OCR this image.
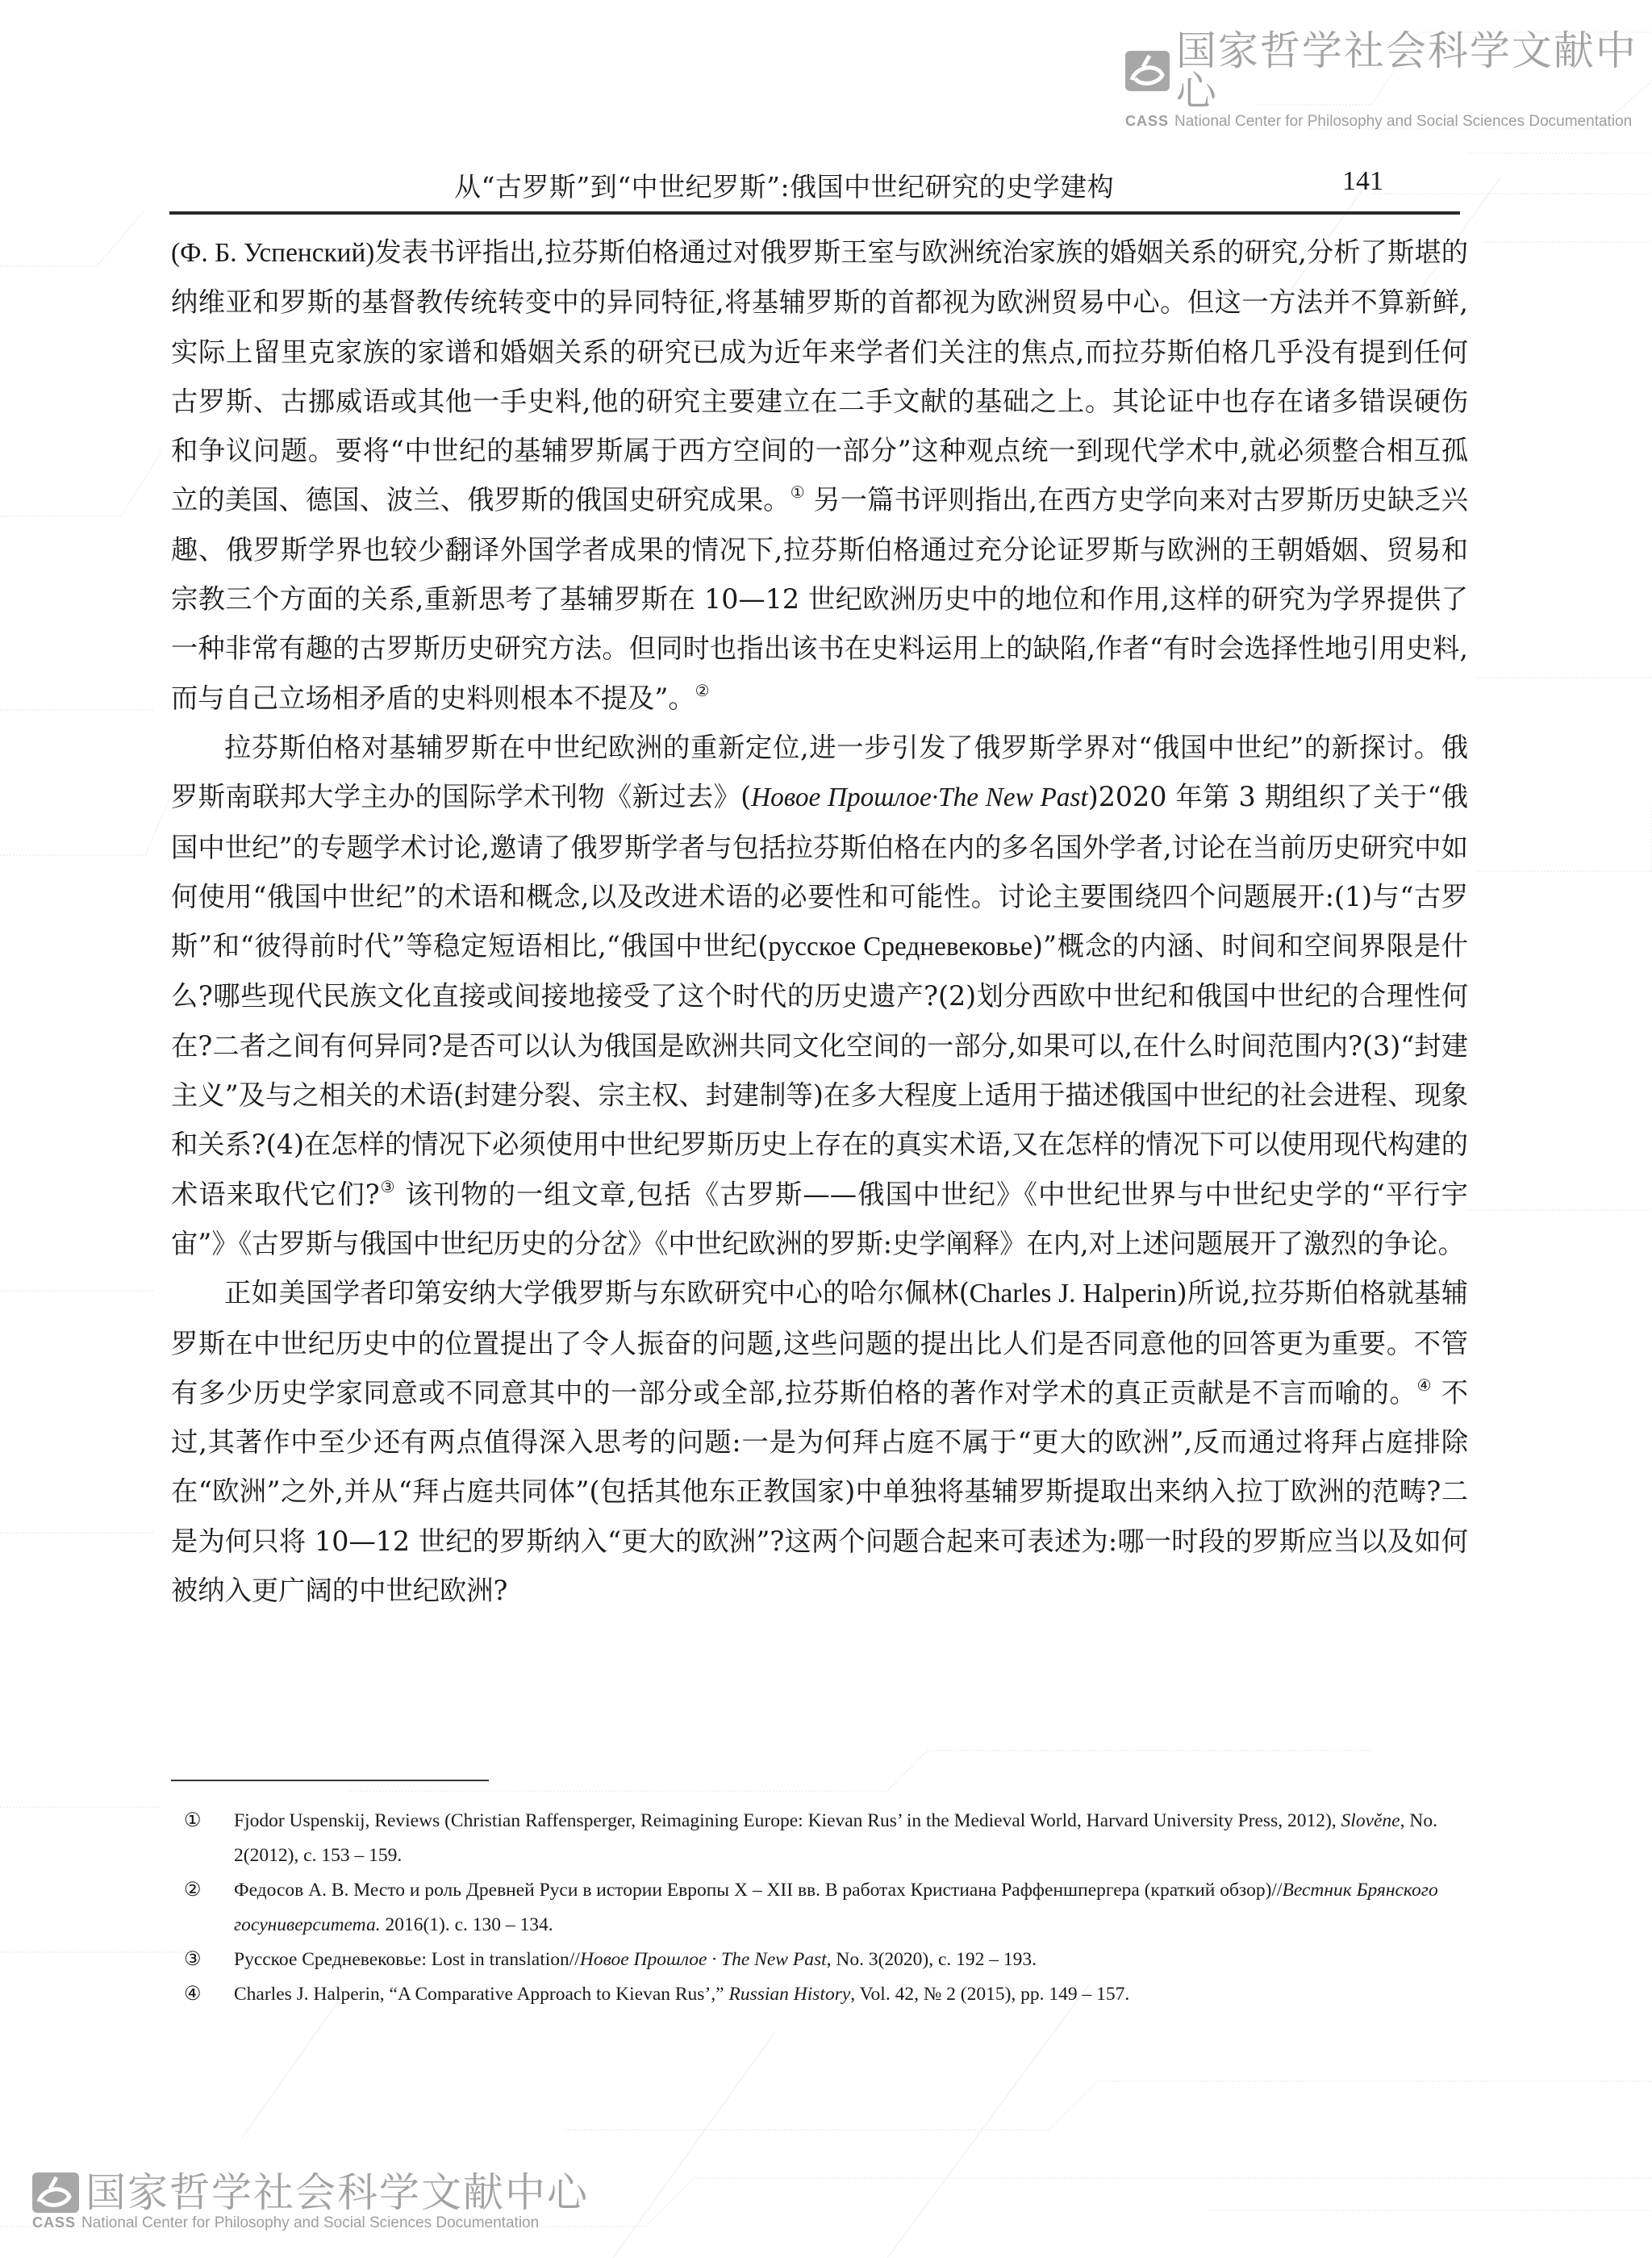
国家哲学社会科学文献中心
CASS National Center for Philosophy and Social Sciences Documentation
从“古罗斯”到“中世纪罗斯”:俄国中世纪研究的史学建构	141

(Ф. Б. Успенский)发表书评指出,拉芬斯伯格通过对俄罗斯王室与欧洲统治家族的婚姻关系的研究,分析了斯堪的纳维亚和罗斯的基督教传统转变中的异同特征,将基辅罗斯的首都视为欧洲贸易中心。但这一方法并不算新鲜,实际上留里克家族的家谱和婚姻关系的研究已成为近年来学者们关注的焦点,而拉芬斯伯格几乎没有提到任何古罗斯、古挪威语或其他一手史料,他的研究主要建立在二手文献的基础之上。其论证中也存在诸多错误硬伤和争议问题。要将“中世纪的基辅罗斯属于西方空间的一部分”这种观点统一到现代学术中,就必须整合相互孤立的美国、德国、波兰、俄罗斯的俄国史研究成果。① 另一篇书评则指出,在西方史学向来对古罗斯历史缺乏兴趣、俄罗斯学界也较少翻译外国学者成果的情况下,拉芬斯伯格通过充分论证罗斯与欧洲的王朝婚姻、贸易和宗教三个方面的关系,重新思考了基辅罗斯在 10—12 世纪欧洲历史中的地位和作用,这样的研究为学界提供了一种非常有趣的古罗斯历史研究方法。但同时也指出该书在史料运用上的缺陷,作者“有时会选择性地引用史料,而与自己立场相矛盾的史料则根本不提及”。②

拉芬斯伯格对基辅罗斯在中世纪欧洲的重新定位,进一步引发了俄罗斯学界对“俄国中世纪”的新探讨。俄罗斯南联邦大学主办的国际学术刊物《新过去》(Новое Прошлое·The New Past)2020 年第 3 期组织了关于“俄国中世纪”的专题学术讨论,邀请了俄罗斯学者与包括拉芬斯伯格在内的多名国外学者,讨论在当前历史研究中如何使用“俄国中世纪”的术语和概念,以及改进术语的必要性和可能性。讨论主要围绕四个问题展开:(1)与“古罗斯”和“彼得前时代”等稳定短语相比,“俄国中世纪(русское Средневековье)”概念的内涵、时间和空间界限是什么?哪些现代民族文化直接或间接地接受了这个时代的历史遗产?(2)划分西欧中世纪和俄国中世纪的合理性何在?二者之间有何异同?是否可以认为俄国是欧洲共同文化空间的一部分,如果可以,在什么时间范围内?(3)“封建主义”及与之相关的术语(封建分裂、宗主权、封建制等)在多大程度上适用于描述俄国中世纪的社会进程、现象和关系?(4)在怎样的情况下必须使用中世纪罗斯历史上存在的真实术语,又在怎样的情况下可以使用现代构建的术语来取代它们?③ 该刊物的一组文章,包括《古罗斯——俄国中世纪》《中世纪世界与中世纪史学的“平行宇宙”》《古罗斯与俄国中世纪历史的分岔》《中世纪欧洲的罗斯:史学阐释》在内,对上述问题展开了激烈的争论。

正如美国学者印第安纳大学俄罗斯与东欧研究中心的哈尔佩林(Charles J. Halperin)所说,拉芬斯伯格就基辅罗斯在中世纪历史中的位置提出了令人振奋的问题,这些问题的提出比人们是否同意他的回答更为重要。不管有多少历史学家同意或不同意其中的一部分或全部,拉芬斯伯格的著作对学术的真正贡献是不言而喻的。④ 不过,其著作中至少还有两点值得深入思考的问题:一是为何拜占庭不属于“更大的欧洲”,反而通过将拜占庭排除在“欧洲”之外,并从“拜占庭共同体”(包括其他东正教国家)中单独将基辅罗斯提取出来纳入拉丁欧洲的范畴?二是为何只将 10—12 世纪的罗斯纳入“更大的欧洲”?这两个问题合起来可表述为:哪一时段的罗斯应当以及如何被纳入更广阔的中世纪欧洲?

① Fjodor Uspenskij, Reviews (Christian Raffensperger, Reimagining Europe: Kievan Rus’ in the Medieval World, Harvard University Press, 2012), Slověne, No. 2(2012), c. 153 – 159.

② Федосов А. В. Место и роль Древней Руси в истории Европы X – XII вв. В работах Кристиана Раффеншпергера (краткий обзор)//Вестник Брянского госуниверситета. 2016(1). c. 130 – 134.

③ Русское Средневековье: Lost in translation//Новое Прошлое · The New Past, No. 3(2020), c. 192 – 193.

④ Charles J. Halperin, “A Comparative Approach to Kievan Rus’,” Russian History, Vol. 42, № 2 (2015), pp. 149 – 157.

国家哲学社会科学文献中心
CASS National Center for Philosophy and Social Sciences Documentation
